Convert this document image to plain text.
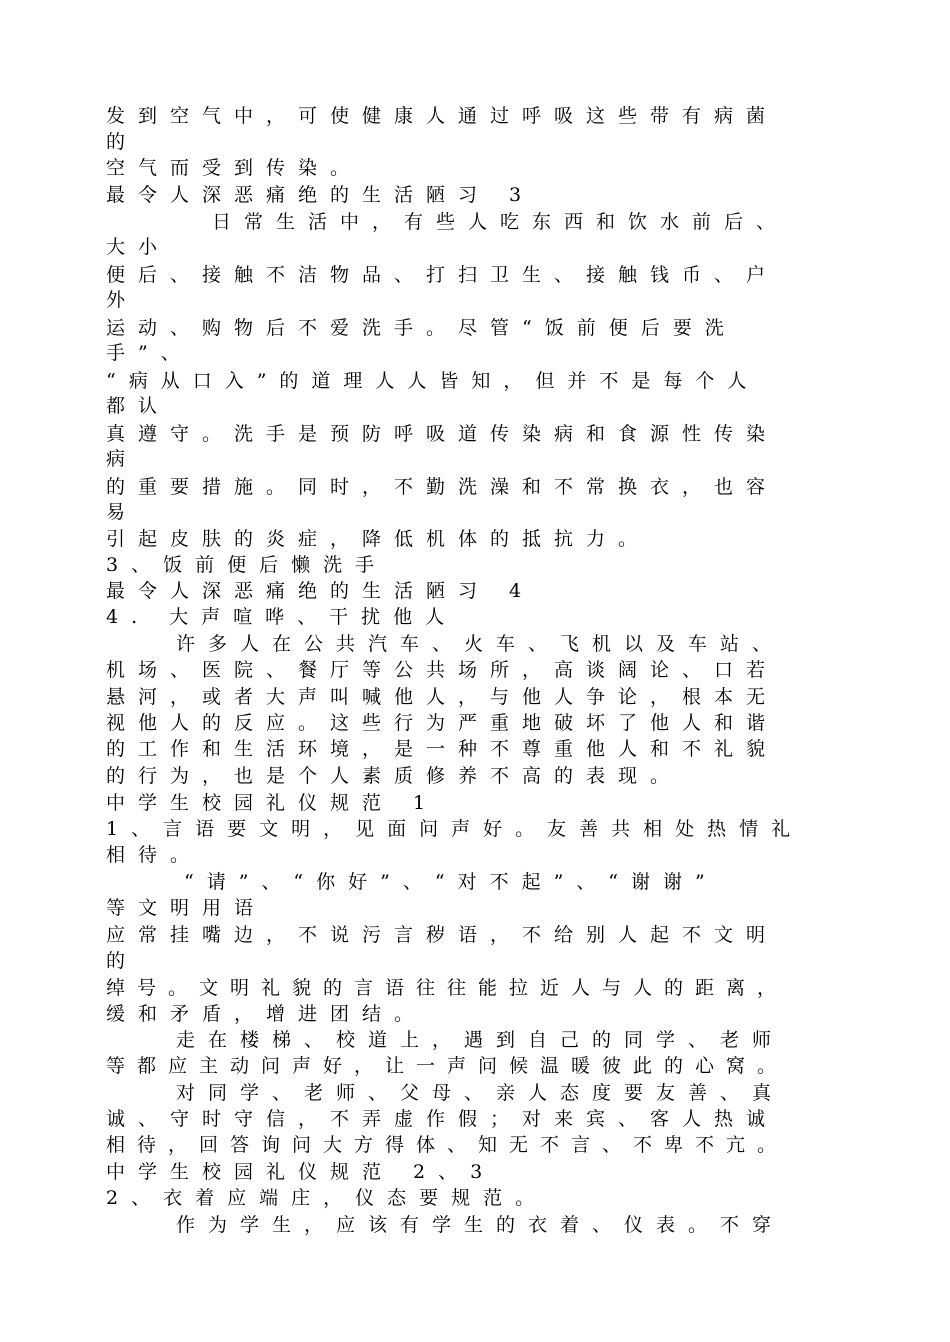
发到空气中，可使健康人通过呼吸这些带有病菌
的
空气而受到传染。
最令人深恶痛绝的生活陋习 3
日常生活中，有些人吃东西和饮水前后、
大小
便后、接触不洁物品、打扫卫生、接触钱币、户
外
运动、购物后不爱洗手。尽管“饭前便后要洗
手”、
“病从口入”的道理人人皆知，但并不是每个人
都认
真遵守。洗手是预防呼吸道传染病和食源性传染
病
的重要措施。同时，不勤洗澡和不常换衣，也容
易
引起皮肤的炎症，降低机体的抵抗力。
3、饭前便后懒洗手
最令人深恶痛绝的生活陋习 4
4. 大声喧哗、干扰他人
许多人在公共汽车、火车、飞机以及车站、
机场、医院、餐厅等公共场所，高谈阔论、口若
悬河，或者大声叫喊他人，与他人争论，根本无
视他人的反应。这些行为严重地破坏了他人和谐
的工作和生活环境，是一种不尊重他人和不礼貌
的行为，也是个人素质修养不高的表现。
中学生校园礼仪规范 1
1、言语要文明，见面问声好。友善共相处热情礼
相待。
“请”、“你好”、“对不起”、“谢谢”
等文明用语
应常挂嘴边，不说污言秽语，不给别人起不文明
的
绰号。文明礼貌的言语往往能拉近人与人的距离，
缓和矛盾，增进团结。
走在楼梯、校道上，遇到自己的同学、老师
等都应主动问声好，让一声问候温暖彼此的心窝。
对同学、老师、父母、亲人态度要友善、真
诚、守时守信，不弄虚作假；对来宾、客人热诚
相待，回答询问大方得体、知无不言、不卑不亢。
中学生校园礼仪规范 2、3
2、衣着应端庄，仪态要规范。
作为学生，应该有学生的衣着、仪表。不穿
